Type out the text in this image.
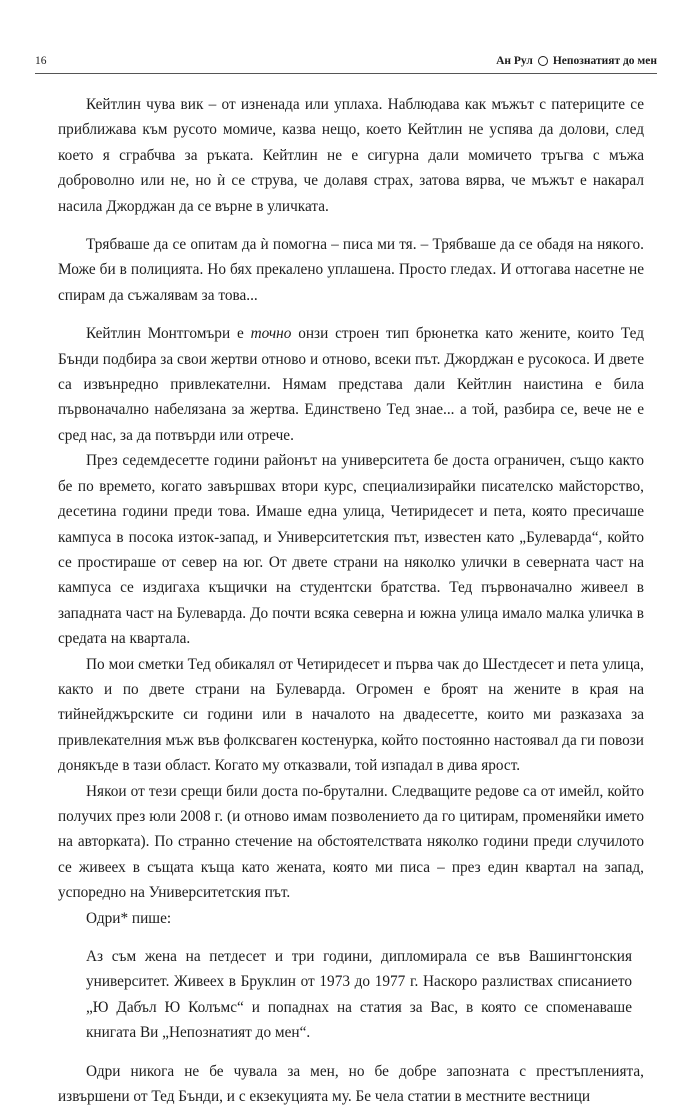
16	Ан Рул Непознатият до мен

Кейтлин чува вик – от изненада или уплаха. Наблюдава как мъжът с патериците се приближава към русото момиче, казва нещо, което Кейтлин не успява да долови, след което я сграбчва за ръката. Кейтлин не е сигурна дали момичето тръгва с мъжа доброволно или не, но ѝ се струва, че долавя страх, затова вярва, че мъжът е накарал насила Джорджан да се върне в уличката.

Трябваше да се опитам да ѝ помогна – писа ми тя. – Трябваше да се обадя на някого. Може би в полицията. Но бях прекалено уплашена. Просто гледах. И оттогава насетне не спирам да съжалявам за това...

Кейтлин Монтгомъри е точно онзи строен тип брюнетка като жените, които Тед Бънди подбира за свои жертви отново и отново, всеки път. Джорджан е русокоса. И двете са извънредно привлекателни. Нямам представа дали Кейтлин наистина е била първоначално набелязана за жертва. Единствено Тед знае... а той, разбира се, вече не е сред нас, за да потвърди или отрече.

През седемдесетте години районът на университета бе доста ограничен, също както бе по времето, когато завършвах втори курс, специализирайки писателско майсторство, десетина години преди това. Имаше една улица, Четиридесет и пета, която пресичаше кампуса в посока изток-запад, и Университетския път, известен като „Булеварда“, който се простираше от север на юг. От двете страни на няколко улички в северната част на кампуса се издигаха къщички на студентски братства. Тед първоначално живеел в западната част на Булеварда. До почти всяка северна и южна улица имало малка уличка в средата на квартала.

По мои сметки Тед обикалял от Четиридесет и първа чак до Шестдесет и пета улица, както и по двете страни на Булеварда. Огромен е броят на жените в края на тийнейджърските си години или в началото на двадесетте, които ми разказаха за привлекателния мъж във фолксваген костенурка, който постоянно настоявал да ги повози донякъде в тази област. Когато му отказвали, той изпадал в дива ярост.

Някои от тези срещи били доста по-брутални. Следващите редове са от имейл, който получих през юли 2008 г. (и отново имам позволението да го цитирам, променяйки името на авторката). По странно стечение на обстоятелствата няколко години преди случилото се живеех в същата къща като жената, която ми писа – през един квартал на запад, успоредно на Университетския път.

Одри* пише:

Аз съм жена на петдесет и три години, дипломирала се във Вашингтонския университет. Живеех в Бруклин от 1973 до 1977 г. Наскоро разлиствах списанието „Ю Дабъл Ю Колъмс“ и попаднах на статия за Вас, в която се споменаваше книгата Ви „Непознатият до мен“.

Одри никога не бе чувала за мен, но бе добре запозната с престъпленията, извършени от Тед Бънди, и с екзекуцията му. Бе чела статии в местните вестници
